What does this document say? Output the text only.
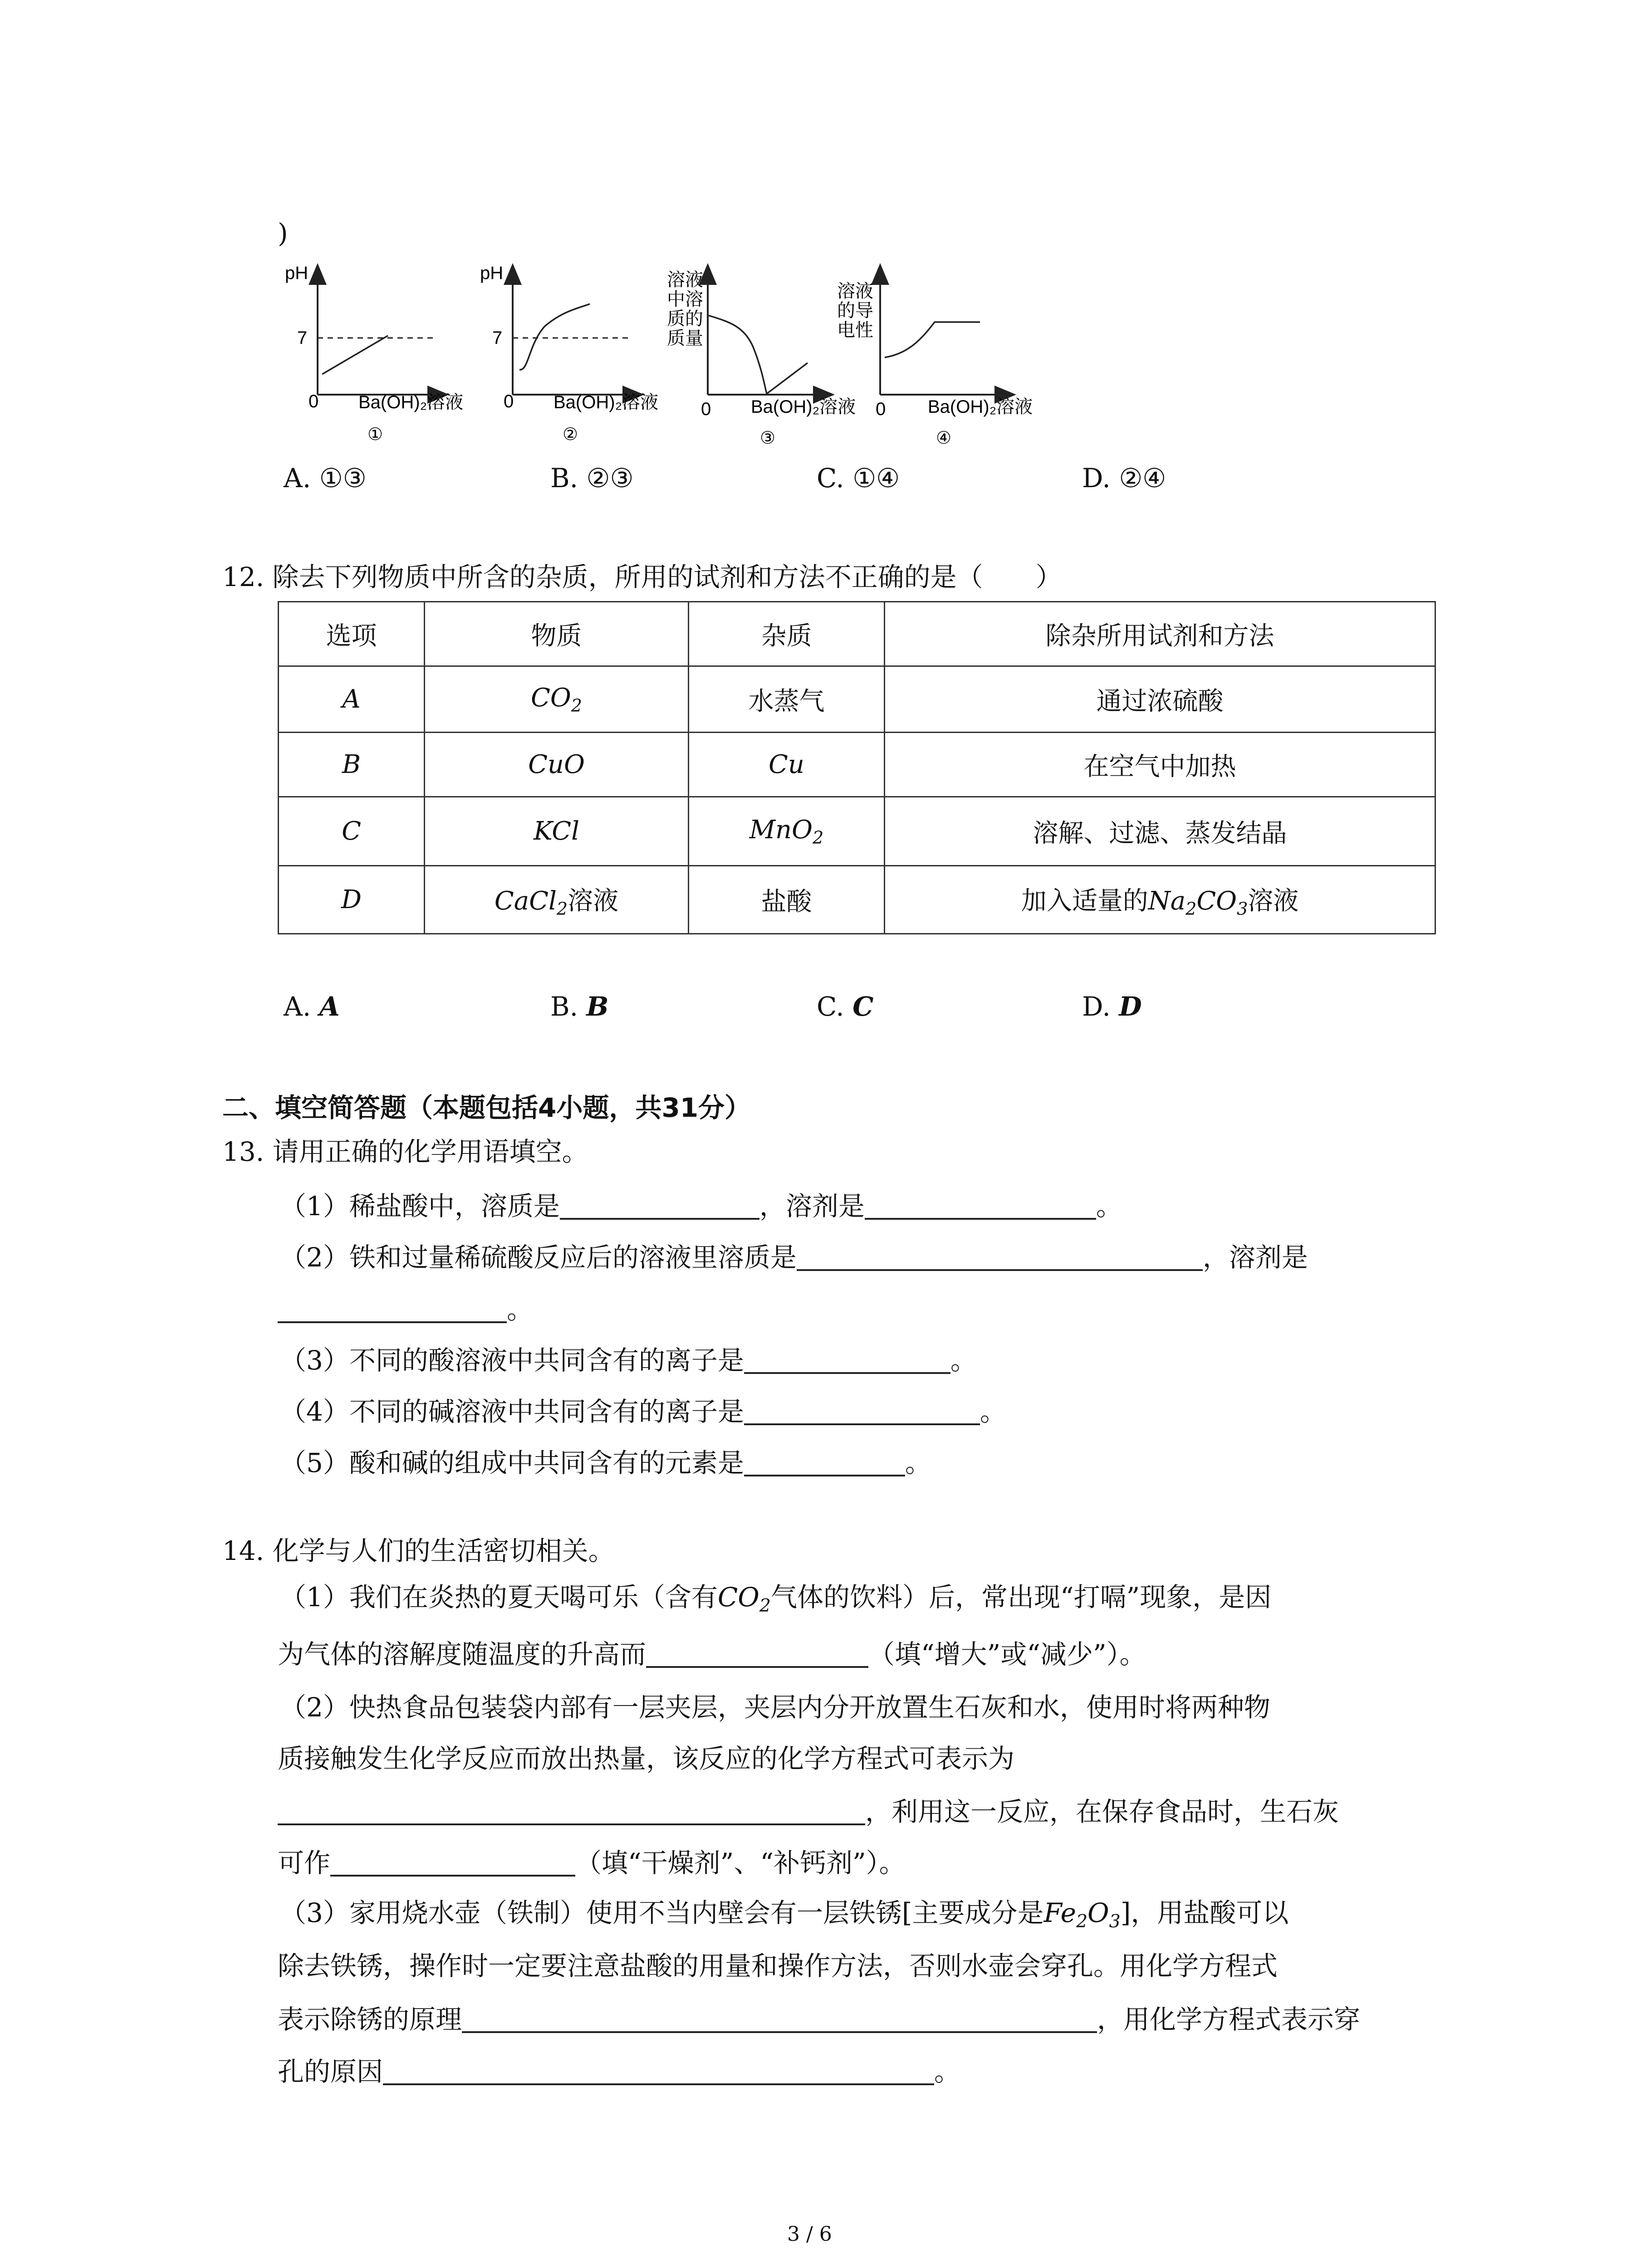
)
pH
7
0 Ba(OH)₂溶液
①
pH
7
0 Ba(OH)₂溶液
②
溶液
中溶
质的
质量
0 Ba(OH)₂溶液
③
溶液
的导
电性
0 Ba(OH)₂溶液
④
A. ①③	B. ②③	C. ①④	D. ②④
12. 除去下列物质中所含的杂质，所用的试剂和方法不正确的是（　　）
选项	物质	杂质	除杂所用试剂和方法
A	$CO_2$	水蒸气	通过浓硫酸
B	CuO	Cu	在空气中加热
C	KCl	MnO$_2$	溶解、过滤、蒸发结晶
D	CaCl$_2$溶液	盐酸	加入适量的$Na_2CO_3$溶液
A. A	B. B	C. C	D. D
二、填空简答题（本题包括4小题，共31分）
13. 请用正确的化学用语填空。
（1）稀盐酸中，溶质是	，溶剂是	。
（2）铁和过量稀硫酸反应后的溶液里溶质是	，溶剂是
。
（3）不同的酸溶液中共同含有的离子是	。
（4）不同的碱溶液中共同含有的离子是	。
（5）酸和碱的组成中共同含有的元素是	。
14. 化学与人们的生活密切相关。
（1）我们在炎热的夏天喝可乐（含有$CO_2$气体的饮料）后，常出现“打嗝”现象，是因
为气体的溶解度随温度的升高而	（填“增大”或“减少”）。
（2）快热食品包装袋内部有一层夹层，夹层内分开放置生石灰和水，使用时将两种物
质接触发生化学反应而放出热量，该反应的化学方程式可表示为
，利用这一反应，在保存食品时，生石灰
可作	（填“干燥剂”、“补钙剂”）。
（3）家用烧水壶（铁制）使用不当内壁会有一层铁锈[主要成分是$Fe_2O_3$]，用盐酸可以
除去铁锈，操作时一定要注意盐酸的用量和操作方法，否则水壶会穿孔。用化学方程式
表示除锈的原理	，用化学方程式表示穿
孔的原因	。
3 / 6
